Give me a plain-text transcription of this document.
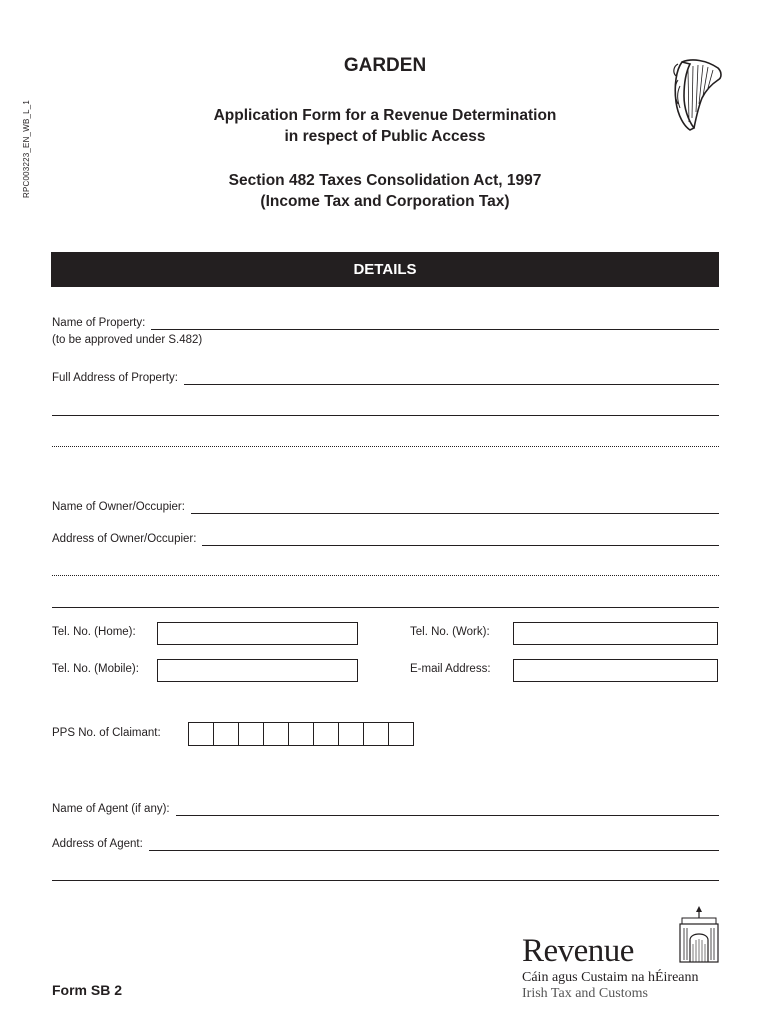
RPC003223_EN_WB_L_1
GARDEN
Application Form for a Revenue Determination
in respect of Public Access
Section 482 Taxes Consolidation Act, 1997
(Income Tax and Corporation Tax)
DETAILS
Name of Property:
(to be approved under S.482)
Full Address of Property:
Name of Owner/Occupier:
Address of Owner/Occupier:
Tel. No. (Home):	Tel. No. (Work):
Tel. No. (Mobile):	E-mail Address:
PPS No. of Claimant:
Name of Agent (if any):
Address of Agent:
Revenue
Cáin agus Custaim na hÉireann
Irish Tax and Customs
Form SB 2
